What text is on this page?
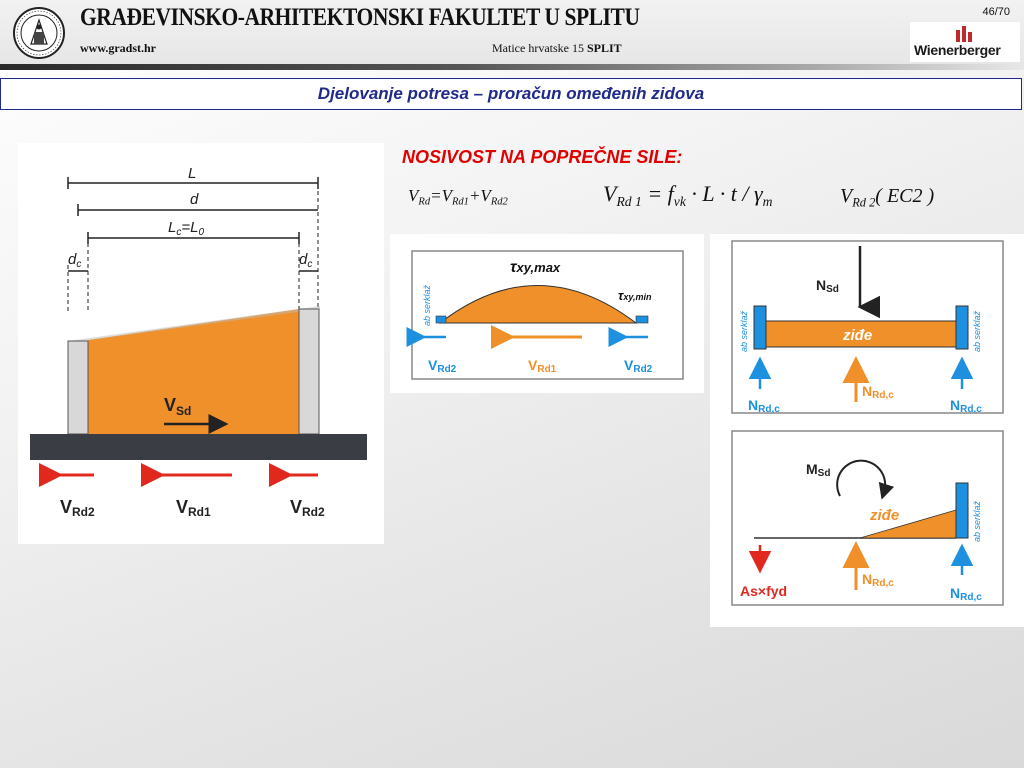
GRAĐEVINSKO-ARHITEKTONSKI FAKULTET U SPLITU
www.gradst.hr	Matice hrvatske 15 SPLIT
46/70
Wienerberger
Djelovanje potresa – proračun omeđenih zidova
L
d
$L_c=L_0$
$d_c$	$d_c$
$V_{Sd}$
VRd2	VRd1	VRd2
NOSIVOST NA POPREČNE SILE:
$V_{Rd}=V_{Rd1}+V_{Rd2}$	$V_{Rd 1} = f_{vk} \cdot L \cdot t / \gamma_m$	$V_{Rd 2}$( EC2 )
τxy,max
τxy,min
ab serklaž
VRd2	VRd1	VRd2
NSd
ziđe
ab serklaž	ab serklaž
NRd,c
NRd,c
NRd,c
MSd
ziđe	ab serklaž
As×fyd
NRd,c
NRd,c
